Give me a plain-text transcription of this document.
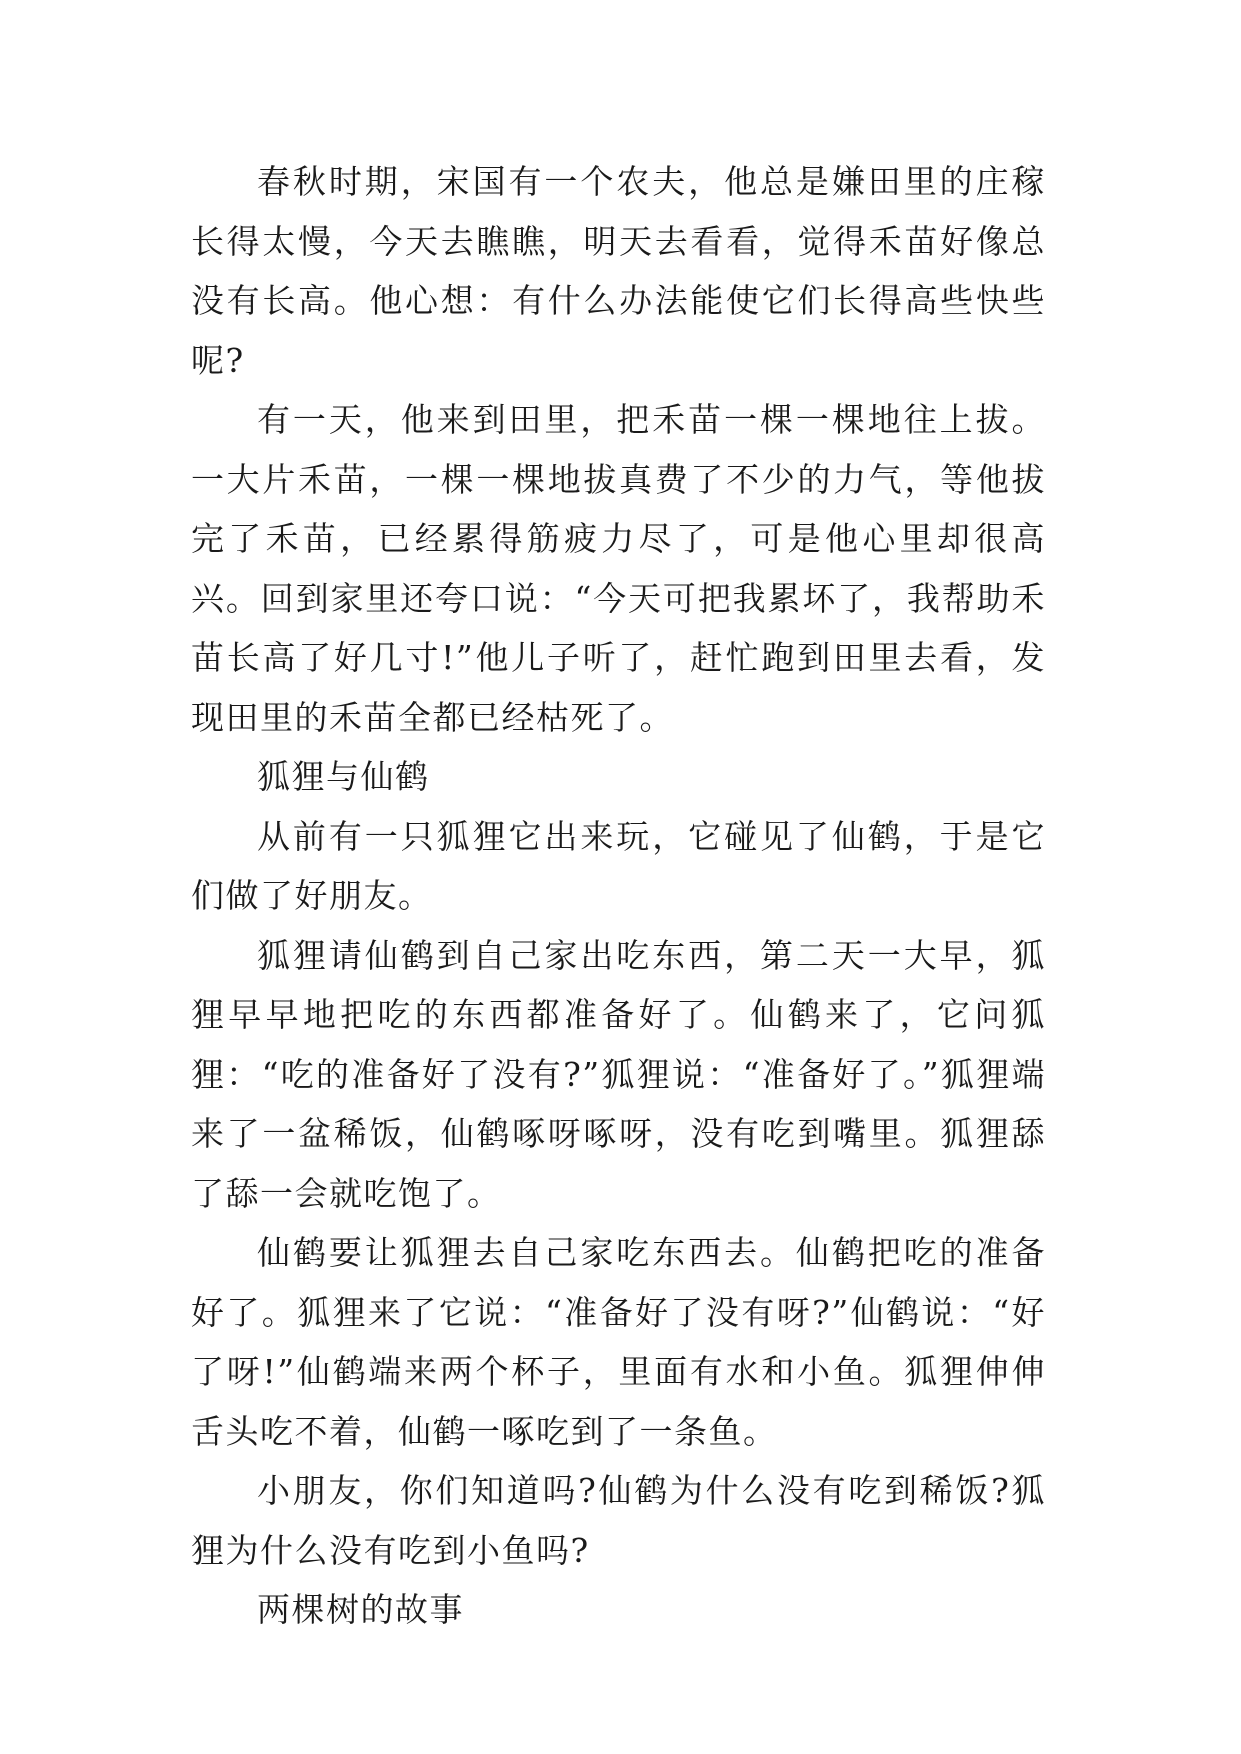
春秋时期，宋国有一个农夫，他总是嫌田里的庄稼长得太慢，今天去瞧瞧，明天去看看，觉得禾苗好像总没有长高。他心想：有什么办法能使它们长得高些快些呢?

有一天，他来到田里，把禾苗一棵一棵地往上拔。一大片禾苗，一棵一棵地拔真费了不少的力气，等他拔完了禾苗，已经累得筋疲力尽了，可是他心里却很高兴。回到家里还夸口说：“今天可把我累坏了，我帮助禾苗长高了好几寸!”他儿子听了，赶忙跑到田里去看，发现田里的禾苗全都已经枯死了。

狐狸与仙鹤

从前有一只狐狸它出来玩，它碰见了仙鹤，于是它们做了好朋友。

狐狸请仙鹤到自己家出吃东西，第二天一大早，狐狸早早地把吃的东西都准备好了。仙鹤来了，它问狐狸：“吃的准备好了没有?”狐狸说：“准备好了。”狐狸端来了一盆稀饭，仙鹤啄呀啄呀，没有吃到嘴里。狐狸舔了舔一会就吃饱了。

仙鹤要让狐狸去自己家吃东西去。仙鹤把吃的准备好了。狐狸来了它说：“准备好了没有呀?”仙鹤说：“好了呀!”仙鹤端来两个杯子，里面有水和小鱼。狐狸伸伸舌头吃不着，仙鹤一啄吃到了一条鱼。

小朋友，你们知道吗?仙鹤为什么没有吃到稀饭?狐狸为什么没有吃到小鱼吗?

两棵树的故事
